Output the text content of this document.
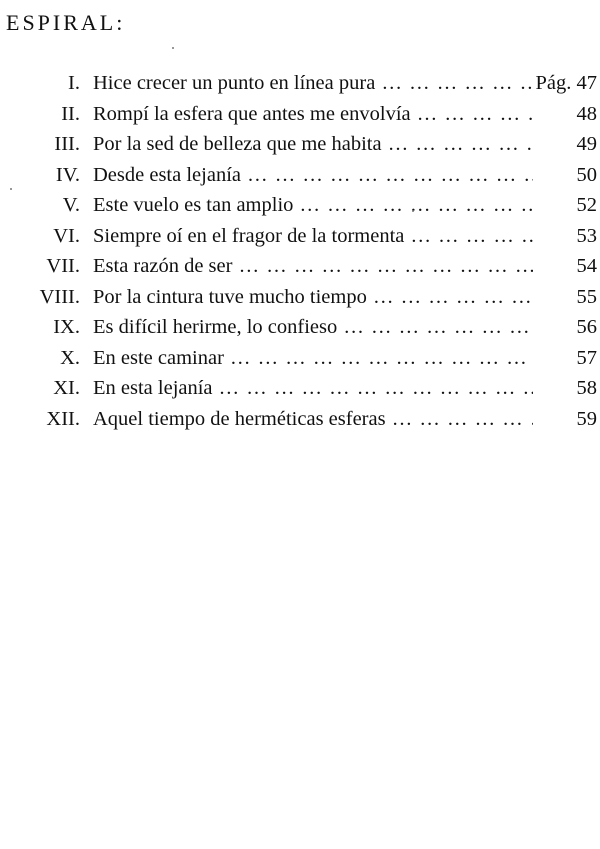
ESPIRAL:
I. Hice crecer un punto en línea pura … … … … … … … … … … … … … … … … … … … … … … … … … … … … … …	Pág. 47
II. Rompí la esfera que antes me envolvía … … … … … … … … … … … … … … … … … … … … … … … … … … … … … …	48
III. Por la sed de belleza que me habita … … … … … … … … … … … … … … … … … … … … … … … … … … … … … …	49
IV. Desde esta lejanía … … … … … … … … … … … … … … … … … … … … … … … … … … … … … …	50
V. Este vuelo es tan amplio … … … … … … … … … … … … … … … … … … … … … … … … … … … … … …	52
VI. Siempre oí en el fragor de la tormenta … … … … … … … … … … … … … … … … … … … … … … … … … … … … … …	53
VII. Esta razón de ser … … … … … … … … … … … … … … … … … … … … … … … … … … … … … …	54
VIII. Por la cintura tuve mucho tiempo … … … … … … … … … … … … … … … … … … … … … … … … … … … … … …	55
IX. Es difícil herirme, lo confieso … … … … … … … … … … … … … … … … … … … … … … … … … … … … … …	56
X. En este caminar … … … … … … … … … … … … … … … … … … … … … … … … … … … … … …	57
XI. En esta lejanía … … … … … … … … … … … … … … … … … … … … … … … … … … … … … …	58
XII. Aquel tiempo de herméticas esferas … … … … … … … … … … … … … … … … … … … … … … … … … … … … … …	59
